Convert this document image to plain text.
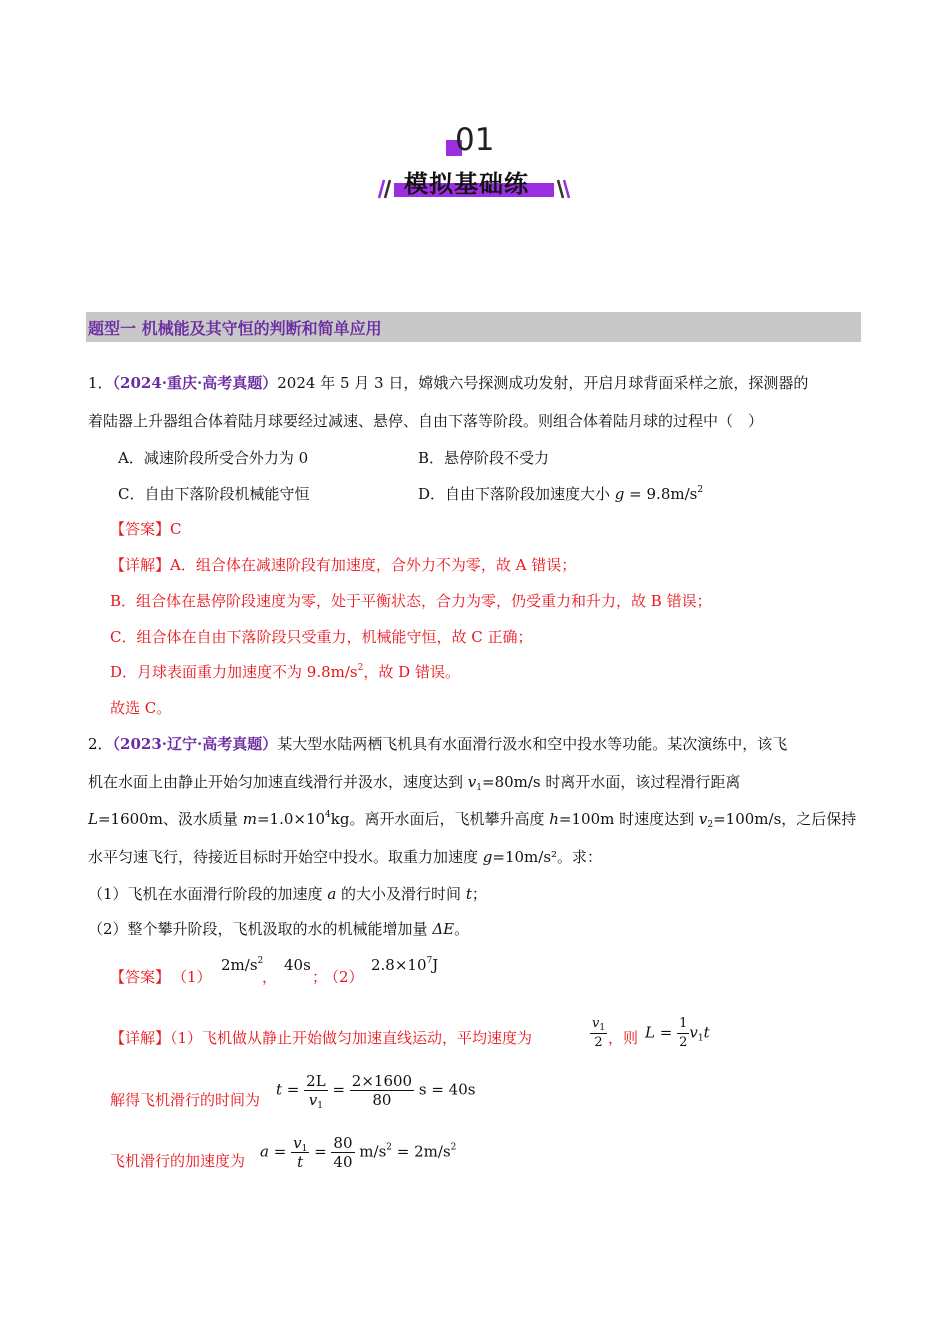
01
模拟基础练
题型一 机械能及其守恒的判断和简单应用
1．（2024·重庆·高考真题）2024 年 5 月 3 日，嫦娥六号探测成功发射，开启月球背面采样之旅，探测器的
着陆器上升器组合体着陆月球要经过减速、悬停、自由下落等阶段。则组合体着陆月球的过程中（　）
A．减速阶段所受合外力为 0	B．悬停阶段不受力
C．自由下落阶段机械能守恒	D．自由下落阶段加速度大小 $g = 9.8m/s^2$
【答案】C
【详解】A．组合体在减速阶段有加速度，合外力不为零，故 A 错误；
B．组合体在悬停阶段速度为零，处于平衡状态，合力为零，仍受重力和升力，故 B 错误；
C．组合体在自由下落阶段只受重力，机械能守恒，故 C 正确；
D．月球表面重力加速度不为 $9.8m/s^2$，故 D 错误。
故选 C。
2．（2023·辽宁·高考真题）某大型水陆两栖飞机具有水面滑行汲水和空中投水等功能。某次演练中，该飞
机在水面上由静止开始匀加速直线滑行并汲水，速度达到 $v_1=80m/s$ 时离开水面，该过程滑行距离
L=1600m、汲水质量 $m=1.0\times 10^4kg$。离开水面后，飞机攀升高度 h=100m 时速度达到 $v_2=100m/s$，之后保持
水平匀速飞行，待接近目标时开始空中投水。取重力加速度 g=10m/s²。求：
（1）飞机在水面滑行阶段的加速度 a 的大小及滑行时间 t；
（2）整个攀升阶段，飞机汲取的水的机械能增加量 ΔE。
【答案】 （1）
$2m/s^2$
，
40s
；
（2）
$2.8\times 10^7J$
【详解】（1）飞机做从静止开始做匀加速直线运动，平均速度为	$\frac{v_1}{2}$ ，则 $L = \frac{1}{2} v_1t$
解得飞机滑行的时间为
$t = \frac{2L}{v_1} = \frac{2\times 1600}{80}$ s = 40s
飞机滑行的加速度为
$a = \frac{v_1}{t} = \frac{80}{40} m/s^2 = 2m/s^2$
